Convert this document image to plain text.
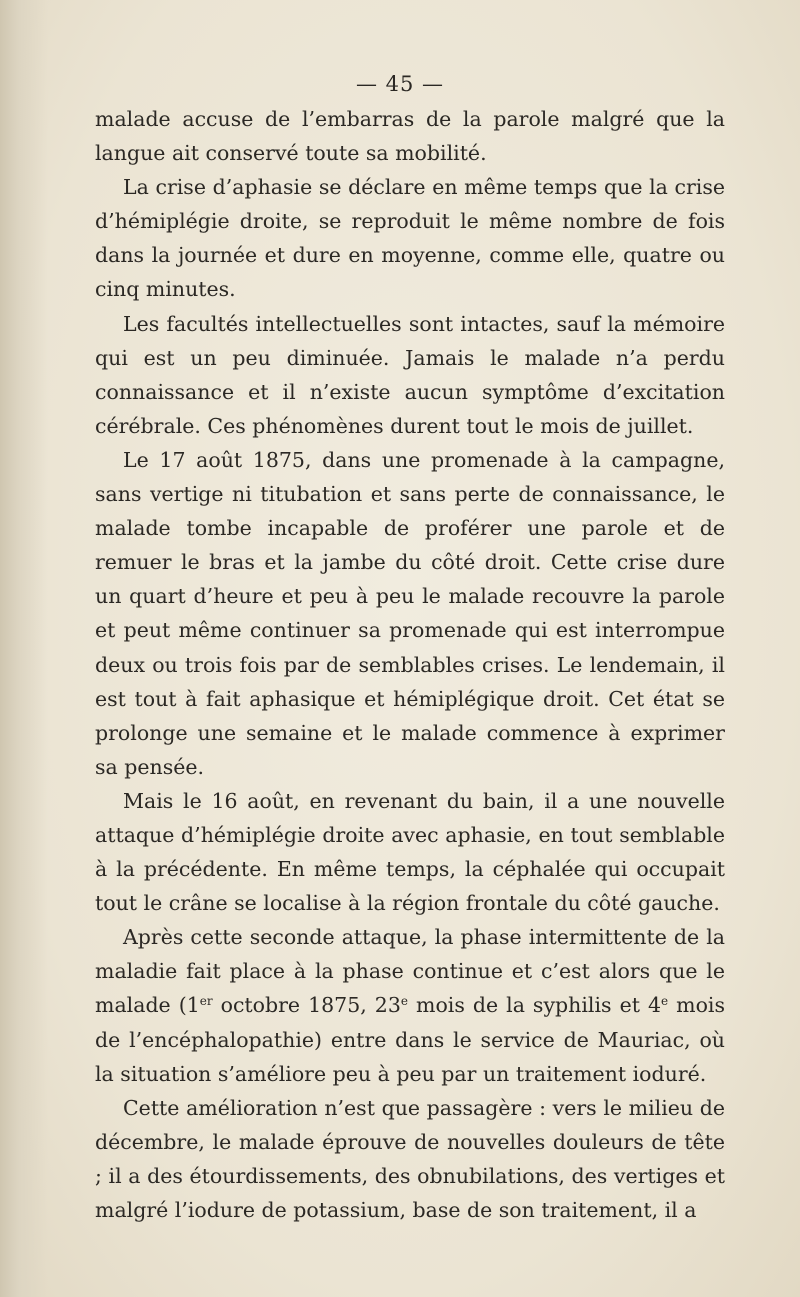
— 45 —

malade accuse de l’embarras de la parole malgré que la langue ait conservé toute sa mobilité.

La crise d’aphasie se déclare en même temps que la crise d’hémiplégie droite, se reproduit le même nombre de fois dans la journée et dure en moyenne, comme elle, quatre ou cinq minutes.

Les facultés intellectuelles sont intactes, sauf la mémoire qui est un peu diminuée. Jamais le malade n’a perdu connaissance et il n’existe aucun symptôme d’excitation cérébrale. Ces phénomènes durent tout le mois de juillet.

Le 17 août 1875, dans une promenade à la campagne, sans vertige ni titubation et sans perte de connaissance, le malade tombe incapable de proférer une parole et de remuer le bras et la jambe du côté droit. Cette crise dure un quart d’heure et peu à peu le malade recouvre la parole et peut même continuer sa promenade qui est interrompue deux ou trois fois par de semblables crises. Le lendemain, il est tout à fait aphasique et hémiplégique droit. Cet état se prolonge une semaine et le malade commence à exprimer sa pensée.

Mais le 16 août, en revenant du bain, il a une nouvelle attaque d’hémiplégie droite avec aphasie, en tout semblable à la précédente. En même temps, la céphalée qui occupait tout le crâne se localise à la région frontale du côté gauche.

Après cette seconde attaque, la phase intermittente de la maladie fait place à la phase continue et c’est alors que le malade (1er octobre 1875, 23e mois de la syphilis et 4e mois de l’encéphalopathie) entre dans le service de Mauriac, où la situation s’améliore peu à peu par un traitement ioduré.

Cette amélioration n’est que passagère : vers le milieu de décembre, le malade éprouve de nouvelles douleurs de tête ; il a des étourdissements, des obnubilations, des vertiges et malgré l’iodure de potassium, base de son traitement, il a
